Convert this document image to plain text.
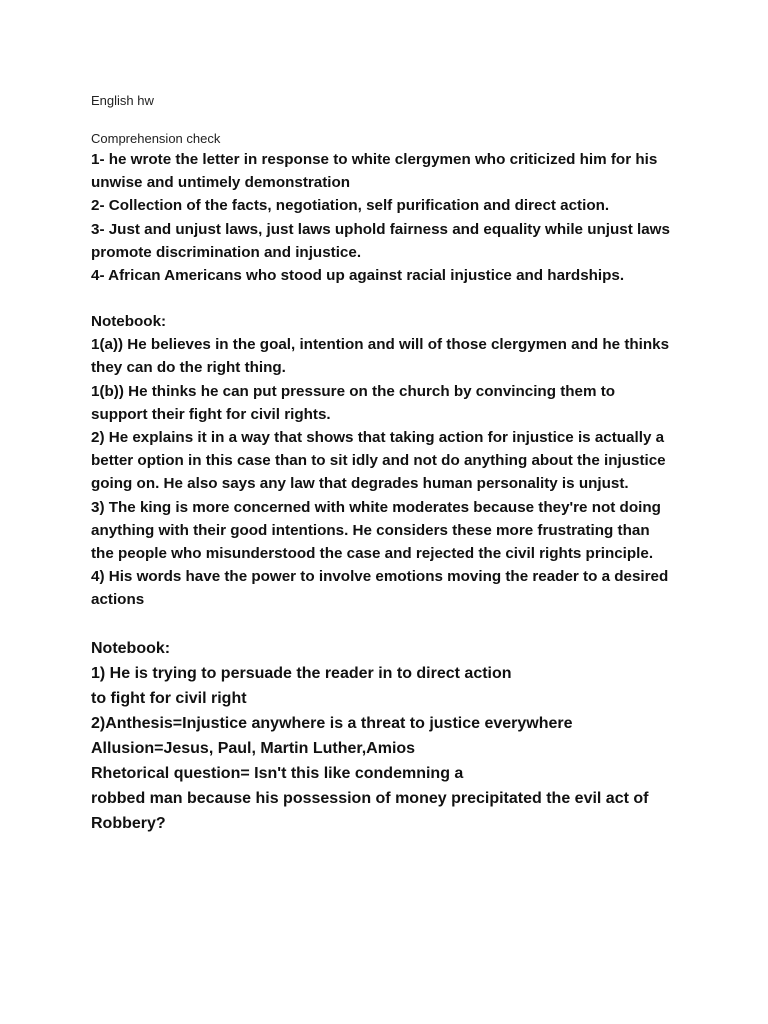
English hw
Comprehension check

1- he wrote the letter in response to white clergymen who criticized him for his
unwise and untimely demonstration

2- Collection of the facts, negotiation, self purification and direct action.

3- Just and unjust laws, just laws uphold fairness and equality while unjust laws
promote discrimination and injustice.

4- African Americans who stood up against racial injustice and hardships.

Notebook:

1(a)) He believes in the goal, intention and will of those clergymen and he thinks
they can do the right thing.

1(b)) He thinks he can put pressure on the church by convincing them to
support their fight for civil rights.

2) He explains it in a way that shows that taking action for injustice is actually a
better option in this case than to sit idly and not do anything about the injustice
going on. He also says any law that degrades human personality is unjust.

3) The king is more concerned with white moderates because they're not doing
anything with their good intentions. He considers these more frustrating than
the people who misunderstood the case and rejected the civil rights principle.

4) His words have the power to involve emotions moving the reader to a desired
actions

Notebook:

1) He is trying to persuade the reader in to direct action
to fight for civil right

2)Anthesis=Injustice anywhere is a threat to justice everywhere

Allusion=Jesus, Paul, Martin Luther,Amios

Rhetorical question= Isn't this like condemning a
robbed man because his possession of money precipitated the evil act of
Robbery?
